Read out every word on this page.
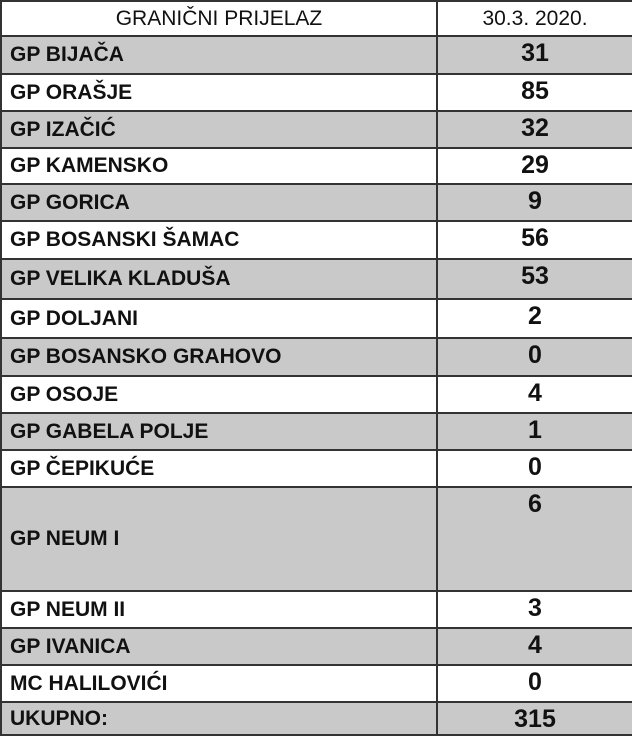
GRANIČNI PRIJELAZ	30.3. 2020.
GP BIJAČA	31
GP ORAŠJE	85
GP IZAČIĆ	32
GP KAMENSKO	29
GP GORICA	9
GP BOSANSKI ŠAMAC	56
GP VELIKA KLADUŠA	53
GP DOLJANI	2
GP BOSANSKO GRAHOVO	0
GP OSOJE	4
GP GABELA POLJE	1
GP ČEPIKUĆE	0
GP NEUM I	6
GP NEUM II	3
GP IVANICA	4
MC HALILOVIĆI	0
UKUPNO:	315
